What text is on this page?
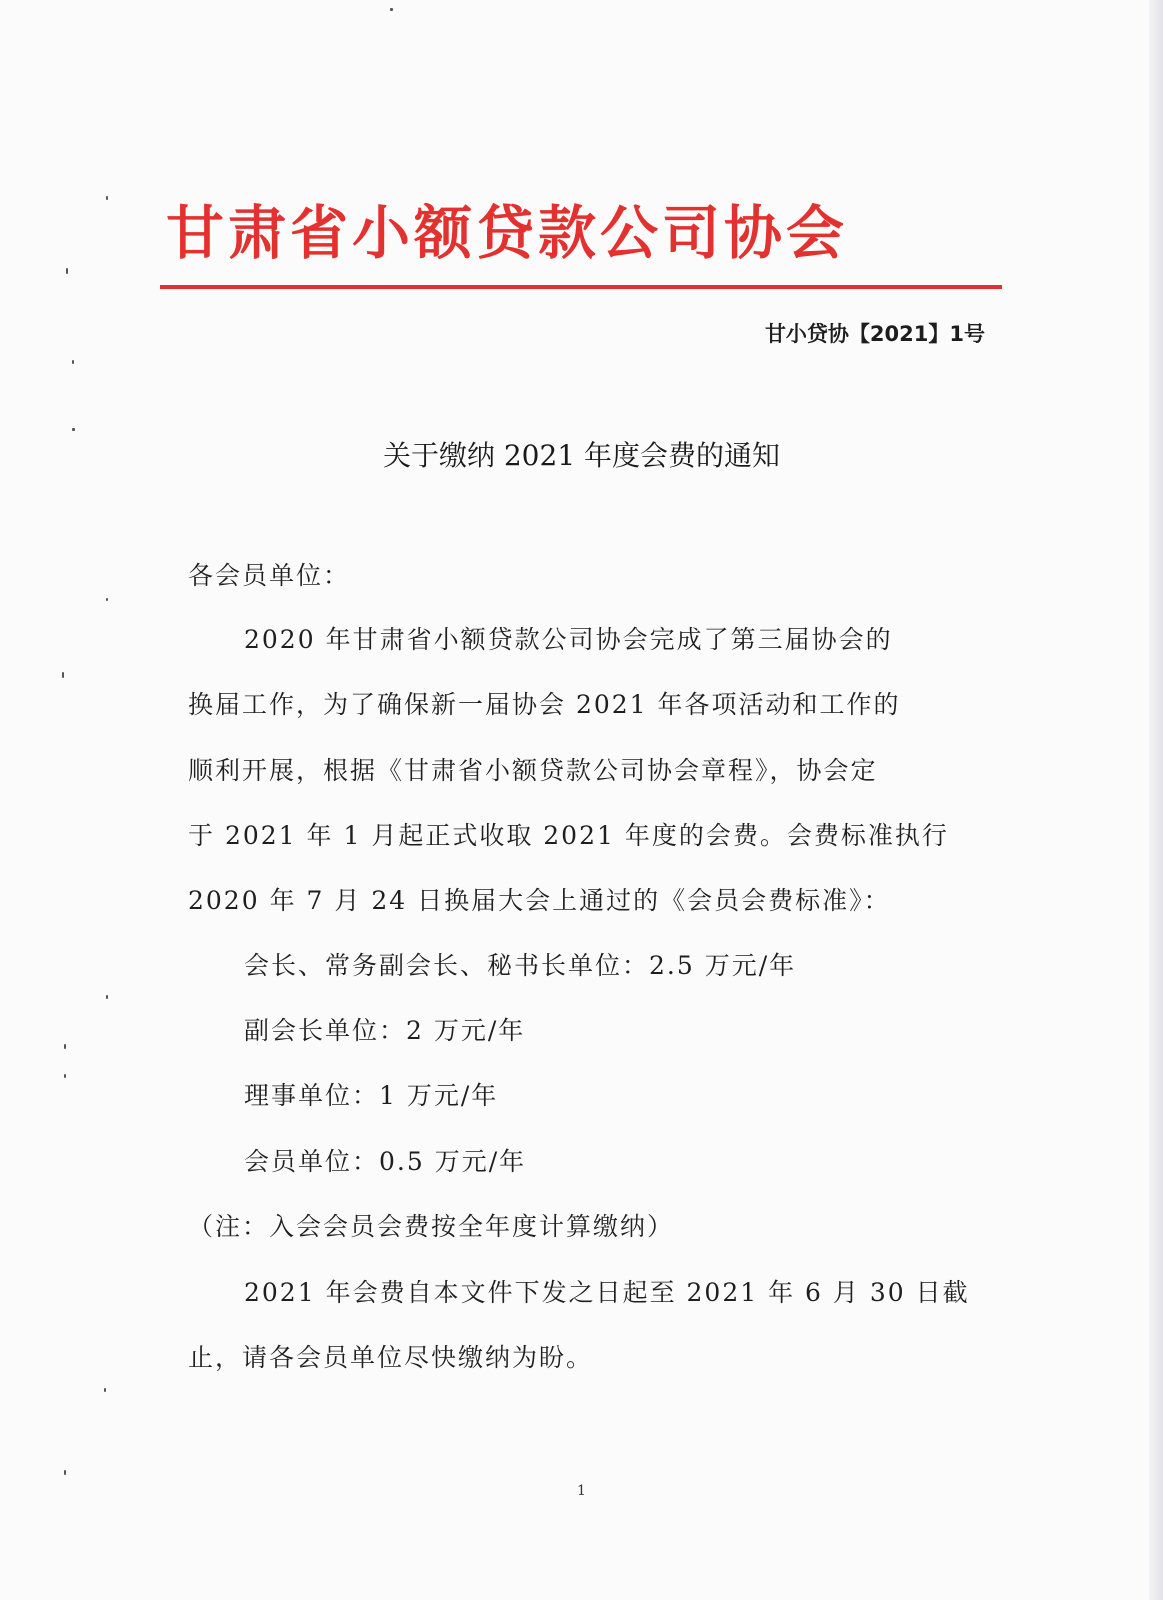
甘肃省小额贷款公司协会
甘小贷协【2021】1号
关于缴纳 2021 年度会费的通知
各会员单位：
2020 年甘肃省小额贷款公司协会完成了第三届协会的
换届工作，为了确保新一届协会 2021 年各项活动和工作的
顺利开展，根据《甘肃省小额贷款公司协会章程》，协会定
于 2021 年 1 月起正式收取 2021 年度的会费。会费标准执行
2020 年 7 月 24 日换届大会上通过的《会员会费标准》：
会长、常务副会长、秘书长单位：2.5 万元/年
副会长单位：2 万元/年
理事单位：1 万元/年
会员单位：0.5 万元/年
（注：入会会员会费按全年度计算缴纳）
2021 年会费自本文件下发之日起至 2021 年 6 月 30 日截
止，请各会员单位尽快缴纳为盼。
1
